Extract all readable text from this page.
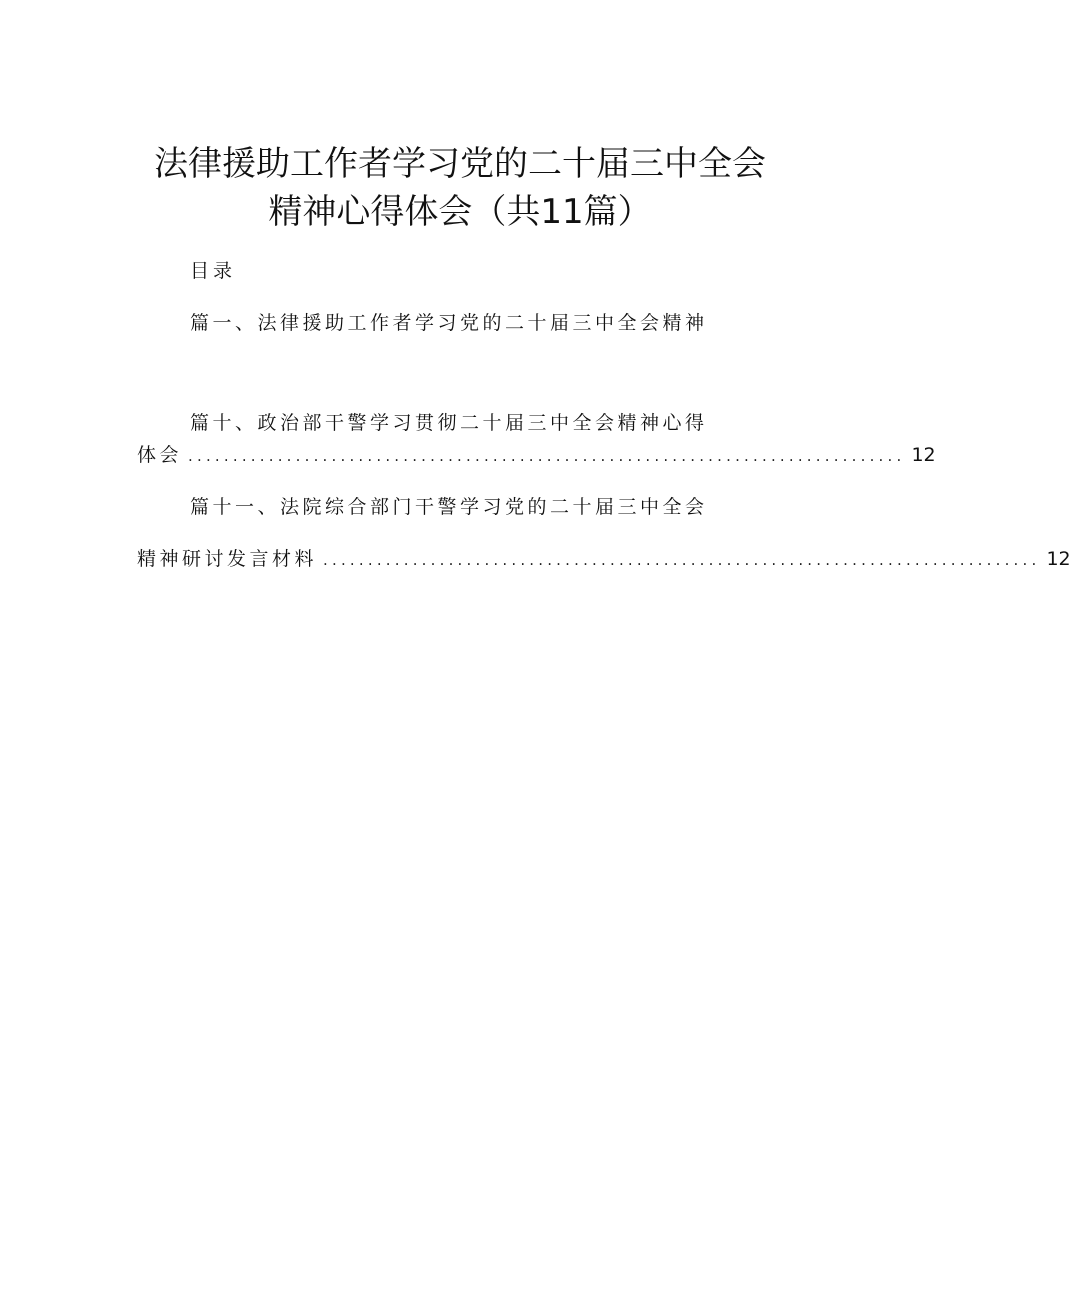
法律援助工作者学习党的二十届三中全会
精神心得体会（共11篇）
目录
篇一、法律援助工作者学习党的二十届三中全会精神
篇十、政治部干警学习贯彻二十届三中全会精神心得
体会 ................................................................................ 12
篇十一、法院综合部门干警学习党的二十届三中全会
精神研讨发言材料 ................................................................................ 12
